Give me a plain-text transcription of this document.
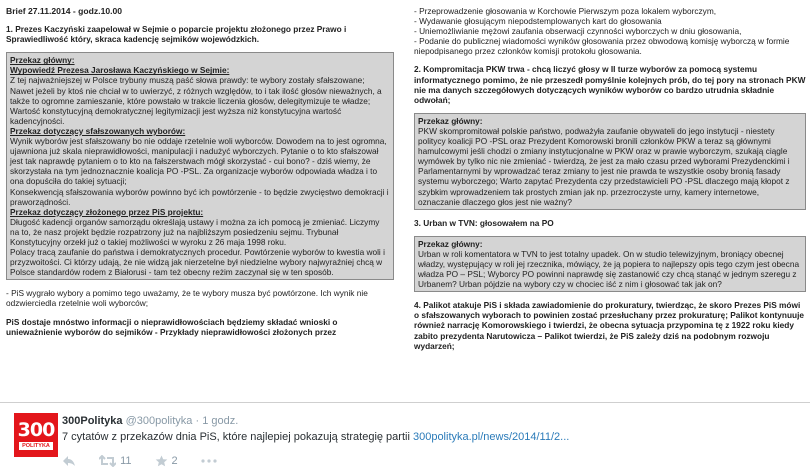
Brief 27.11.2014 - godz.10.00

1. Prezes Kaczyński zaapelował w Sejmie o poparcie projektu złożonego przez Prawo i Sprawiedliwość który, skraca kadencję sejmików wojewódzkich.

Przekaz główny:
Wypowiedź Prezesa Jarosława Kaczyńskiego w Sejmie:

Z tej najważniejszej w Polsce trybuny muszą paść słowa prawdy: te wybory zostały sfałszowane;

Nawet jeżeli by ktoś nie chciał w to uwierzyć, z różnych względów, to i tak ilość głosów nieważnych, a także to ogromne zamieszanie, które powstało w trakcie liczenia głosów, delegitymizuje te władze;

Wartość konstytucyjną demokratycznej legitymizacji jest wyższa niż konstytucyjna wartość kadencyjności.

Przekaz dotyczący sfałszowanych wyborów:

Wynik wyborów jest sfałszowany bo nie oddaje rzetelnie woli wyborców. Dowodem na to jest ogromna, ujawniona już skala nieprawidłowości, manipulacji i nadużyć wyborczych. Pytanie o to kto sfałszował jest tak naprawdę pytaniem o to kto na fałszerstwach mógł skorzystać - cui bono? - dziś wiemy, że skorzystała na tym jednoznacznie koalicja PO -PSL. Za organizacje wyborów odpowiada władza i to ona dopuściła do takiej sytuacji;

Konsekwencją sfałszowania wyborów powinno być ich powtórzenie - to będzie zwycięstwo demokracji i praworządności.

Przekaz dotyczący złożonego przez PiS projektu:

Długość kadencji organów samorządu określają ustawy i można za ich pomocą je zmieniać. Liczymy na to, że nasz projekt będzie rozpatrzony już na najbliższym posiedzeniu sejmu. Trybunał Konstytucyjny orzekł już o takiej możliwości w wyroku z 26 maja 1998 roku.

Polacy tracą zaufanie do państwa i demokratycznych procedur. Powtórzenie wyborów to kwestia woli i przyzwoitości. Ci którzy udają, że nie widzą jak nierzetelne był niedzielne wybory najwyraźniej chcą w Polsce standardów rodem z Białorusi - tam też obecny reżim zaczynał się w ten sposób.

- PiS wygrało wybory a pomimo tego uważamy, że te wybory musza być powtórzone. Ich wynik nie odzwierciedla rzetelnie woli wyborców;

PiS dostaje mnóstwo informacji o nieprawidłowościach będziemy składać wnioski o unieważnienie wyborów do sejmików - Przykłady nieprawidłowości złożonych przez

- Przeprowadzenie głosowania w Korchowie Pierwszym poza lokalem wyborczym,
- Wydawanie głosującym niepodstemplowanych kart do głosowania
- Uniemożliwianie mężowi zaufania obserwacji czynności wyborczych w dniu głosowania,
- Podanie do publicznej wiadomości wyników głosowania przez obwodową komisję wyborczą w formie niepodpisanego przez członków komisji protokołu głosowania.

2. Kompromitacja PKW trwa - chcą liczyć głosy w II turze wyborów za pomocą systemu informatycznego pomimo, że nie przeszedł pomyślnie kolejnych prób, do tej pory na stronach PKW nie ma danych szczegółowych dotyczących wyników wyborów co bardzo utrudnia składnie odwołań;

Przekaz główny:

PKW skompromitował polskie państwo, podważyła zaufanie obywateli do jego instytucji - niestety politycy koalicji PO -PSL oraz Prezydent Komorowski bronili członków PKW a teraz są głównymi hamulcowymi jeśli chodzi o zmiany instytucjonalne w PKW oraz w prawie wyborczym, szukają ciągle wymówek by tylko nic nie zmieniać - twierdzą, że jest za mało czasu przed wyborami Prezydenckimi i Parlamentarnymi by wprowadzać teraz zmiany to jest nie prawda te wszystkie osoby bronią fasady systemu wyborczego; Warto zapytać Prezydenta czy przedstawicieli PO -PSL dlaczego mają kłopot z szybkim wprowadzeniem tak prostych zmian jak np. przezroczyste urny, kamery internetowe, oznaczanie dlaczego głos jest nie ważny?

3. Urban w TVN: głosowałem na PO

Przekaz główny:

Urban w roli komentatora w TVN to jest totalny upadek. On w studio telewizyjnym, broniący obecnej władzy, występujący w roli jej rzecznika, mówiący, że ją popiera to najlepszy opis tego czym jest obecna władza PO – PSL; Wyborcy PO powinni naprawdę się zastanowić czy chcą stanąć w jednym szeregu z Urbanem? Urban pójdzie na wybory czy w chociec iść z nim i głosować tak jak on?

4. Palikot atakuje PiS i składa zawiadomienie do prokuratury, twierdząc, że skoro Prezes PiS mówi o sfałszowanych wyborach to powinien zostać przesłuchany przez prokuraturę; Palikot kontynuuje również narrację Komorowskiego i twierdzi, że obecna sytuacja przypomina tę z 1922 roku kiedy zabito prezydenta Narutowicza – Palikot twierdzi, że PiS zależy dziś na podobnym rozwoju wydarzeń;

300
POLITYKA
300Polityka @300polityka · 1 godz.
7 cytatów z przekazów dnia PiS, które najlepiej pokazują strategię partii 300polityka.pl/news/2014/11/2...
11	2
